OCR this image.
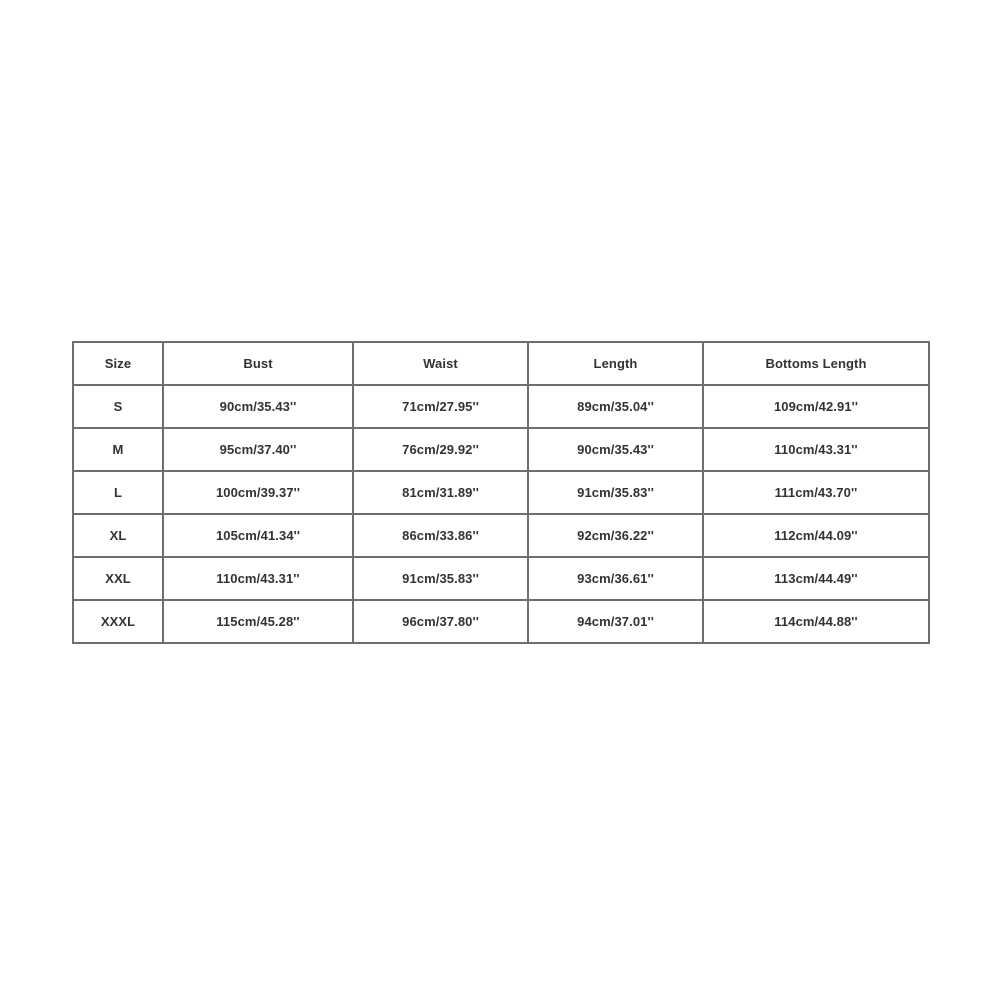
Size	Bust	Waist	Length	Bottoms Length
S	90cm/35.43''	71cm/27.95''	89cm/35.04''	109cm/42.91''
M	95cm/37.40''	76cm/29.92''	90cm/35.43''	110cm/43.31''
L	100cm/39.37''	81cm/31.89''	91cm/35.83''	111cm/43.70''
XL	105cm/41.34''	86cm/33.86''	92cm/36.22''	112cm/44.09''
XXL	110cm/43.31''	91cm/35.83''	93cm/36.61''	113cm/44.49''
XXXL	115cm/45.28''	96cm/37.80''	94cm/37.01''	114cm/44.88''
